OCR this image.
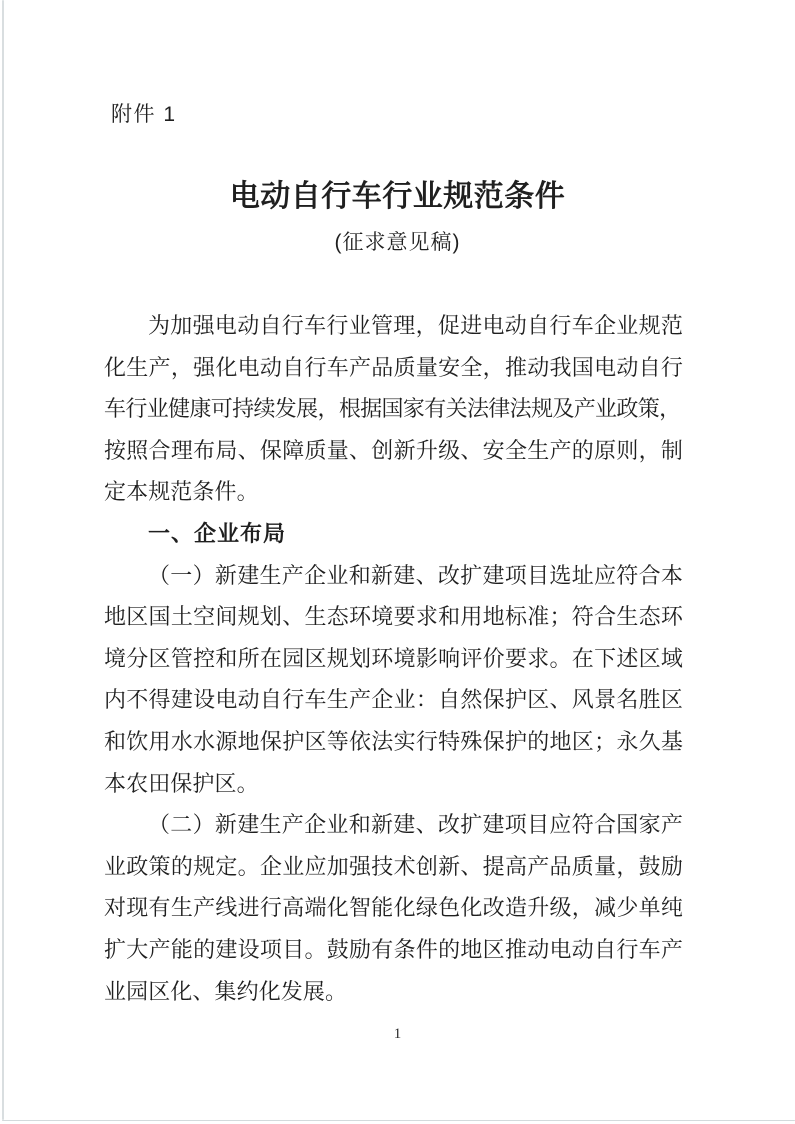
附件 1
电动自行车行业规范条件
(征求意见稿)
为加强电动自行车行业管理，促进电动自行车企业规范
化生产，强化电动自行车产品质量安全，推动我国电动自行
车行业健康可持续发展，根据国家有关法律法规及产业政策，
按照合理布局、保障质量、创新升级、安全生产的原则，制
定本规范条件。
一、企业布局
（一）新建生产企业和新建、改扩建项目选址应符合本
地区国土空间规划、生态环境要求和用地标准；符合生态环
境分区管控和所在园区规划环境影响评价要求。在下述区域
内不得建设电动自行车生产企业：自然保护区、风景名胜区
和饮用水水源地保护区等依法实行特殊保护的地区；永久基
本农田保护区。
（二）新建生产企业和新建、改扩建项目应符合国家产
业政策的规定。企业应加强技术创新、提高产品质量，鼓励
对现有生产线进行高端化智能化绿色化改造升级，减少单纯
扩大产能的建设项目。鼓励有条件的地区推动电动自行车产
业园区化、集约化发展。
1
